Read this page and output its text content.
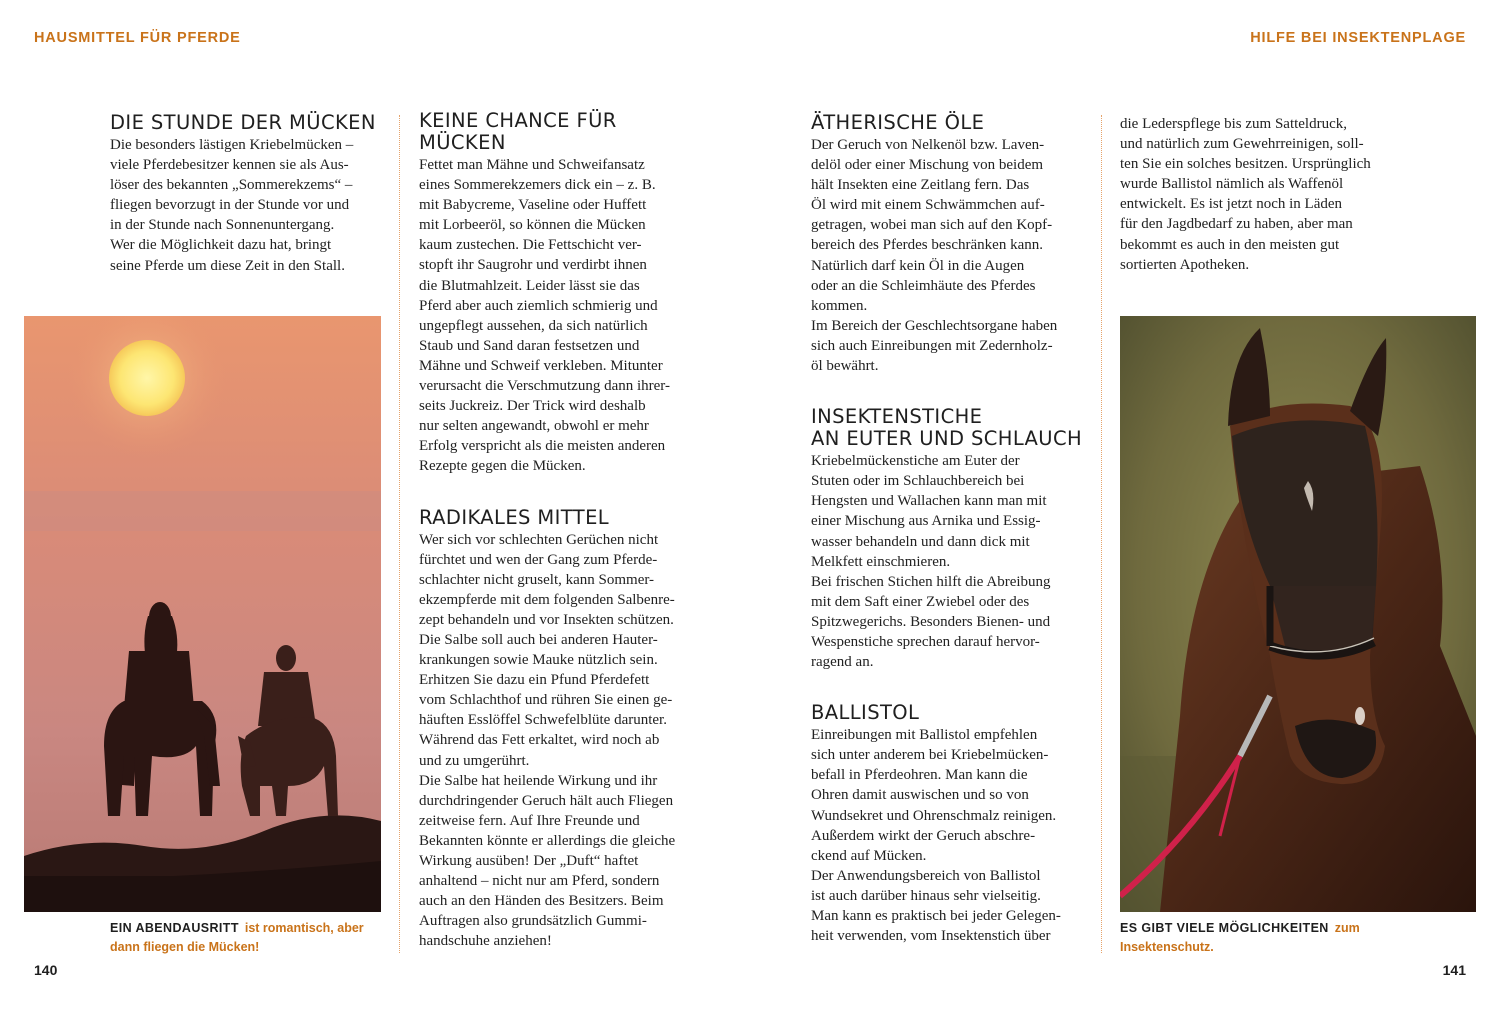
HAUSMITTEL FÜR PFERDE	HILFE BEI INSEKTENPLAGE
DIE STUNDE DER MÜCKEN

Die besonders lästigen Kriebelmücken –
viele Pferdebesitzer kennen sie als Aus-
löser des bekannten „Sommerekzems“ –
fliegen bevorzugt in der Stunde vor und
in der Stunde nach Sonnenuntergang.
Wer die Möglichkeit dazu hat, bringt
seine Pferde um diese Zeit in den Stall.

EIN ABENDAUSRITT ist romantisch, aber dann fliegen die Mücken!

KEINE CHANCE FÜR
MÜCKEN

Fettet man Mähne und Schweifansatz
eines Sommerekzemers dick ein – z. B.
mit Babycreme, Vaseline oder Huffett
mit Lorbeeröl, so können die Mücken
kaum zustechen. Die Fettschicht ver-
stopft ihr Saugrohr und verdirbt ihnen
die Blutmahlzeit. Leider lässt sie das
Pferd aber auch ziemlich schmierig und
ungepflegt aussehen, da sich natürlich
Staub und Sand daran festsetzen und
Mähne und Schweif verkleben. Mitunter
verursacht die Verschmutzung dann ihrer-
seits Juckreiz. Der Trick wird deshalb
nur selten angewandt, obwohl er mehr
Erfolg verspricht als die meisten anderen
Rezepte gegen die Mücken.

RADIKALES MITTEL

Wer sich vor schlechten Gerüchen nicht
fürchtet und wen der Gang zum Pferde-
schlachter nicht gruselt, kann Sommer-
ekzempferde mit dem folgenden Salbenre-
zept behandeln und vor Insekten schützen.
Die Salbe soll auch bei anderen Hauter-
krankungen sowie Mauke nützlich sein.
Erhitzen Sie dazu ein Pfund Pferdefett
vom Schlachthof und rühren Sie einen ge-
häuften Esslöffel Schwefelblüte darunter.
Während das Fett erkaltet, wird noch ab
und zu umgerührt.
Die Salbe hat heilende Wirkung und ihr
durchdringender Geruch hält auch Fliegen
zeitweise fern. Auf Ihre Freunde und
Bekannten könnte er allerdings die gleiche
Wirkung ausüben! Der „Duft“ haftet
anhaltend – nicht nur am Pferd, sondern
auch an den Händen des Besitzers. Beim
Auftragen also grundsätzlich Gummi-
handschuhe anziehen!

140
ÄTHERISCHE ÖLE

Der Geruch von Nelkenöl bzw. Laven-
delöl oder einer Mischung von beidem
hält Insekten eine Zeitlang fern. Das
Öl wird mit einem Schwämmchen auf-
getragen, wobei man sich auf den Kopf-
bereich des Pferdes beschränken kann.
Natürlich darf kein Öl in die Augen
oder an die Schleimhäute des Pferdes
kommen.
Im Bereich der Geschlechtsorgane haben
sich auch Einreibungen mit Zedernholz-
öl bewährt.

INSEKTENSTICHE
AN EUTER UND SCHLAUCH

Kriebelmückenstiche am Euter der
Stuten oder im Schlauchbereich bei
Hengsten und Wallachen kann man mit
einer Mischung aus Arnika und Essig-
wasser behandeln und dann dick mit
Melkfett einschmieren.
Bei frischen Stichen hilft die Abreibung
mit dem Saft einer Zwiebel oder des
Spitzwegerichs. Besonders Bienen- und
Wespenstiche sprechen darauf hervor-
ragend an.

BALLISTOL

Einreibungen mit Ballistol empfehlen
sich unter anderem bei Kriebelmücken-
befall in Pferdeohren. Man kann die
Ohren damit auswischen und so von
Wundsekret und Ohrenschmalz reinigen.
Außerdem wirkt der Geruch abschre-
ckend auf Mücken.
Der Anwendungsbereich von Ballistol
ist auch darüber hinaus sehr vielseitig.
Man kann es praktisch bei jeder Gelegen-
heit verwenden, vom Insektenstich über

die Lederspflege bis zum Satteldruck,
und natürlich zum Gewehrreinigen, soll-
ten Sie ein solches besitzen. Ursprünglich
wurde Ballistol nämlich als Waffenöl
entwickelt. Es ist jetzt noch in Läden
für den Jagdbedarf zu haben, aber man
bekommt es auch in den meisten gut
sortierten Apotheken.

ES GIBT VIELE MÖGLICHKEITEN zum Insektenschutz.

141
